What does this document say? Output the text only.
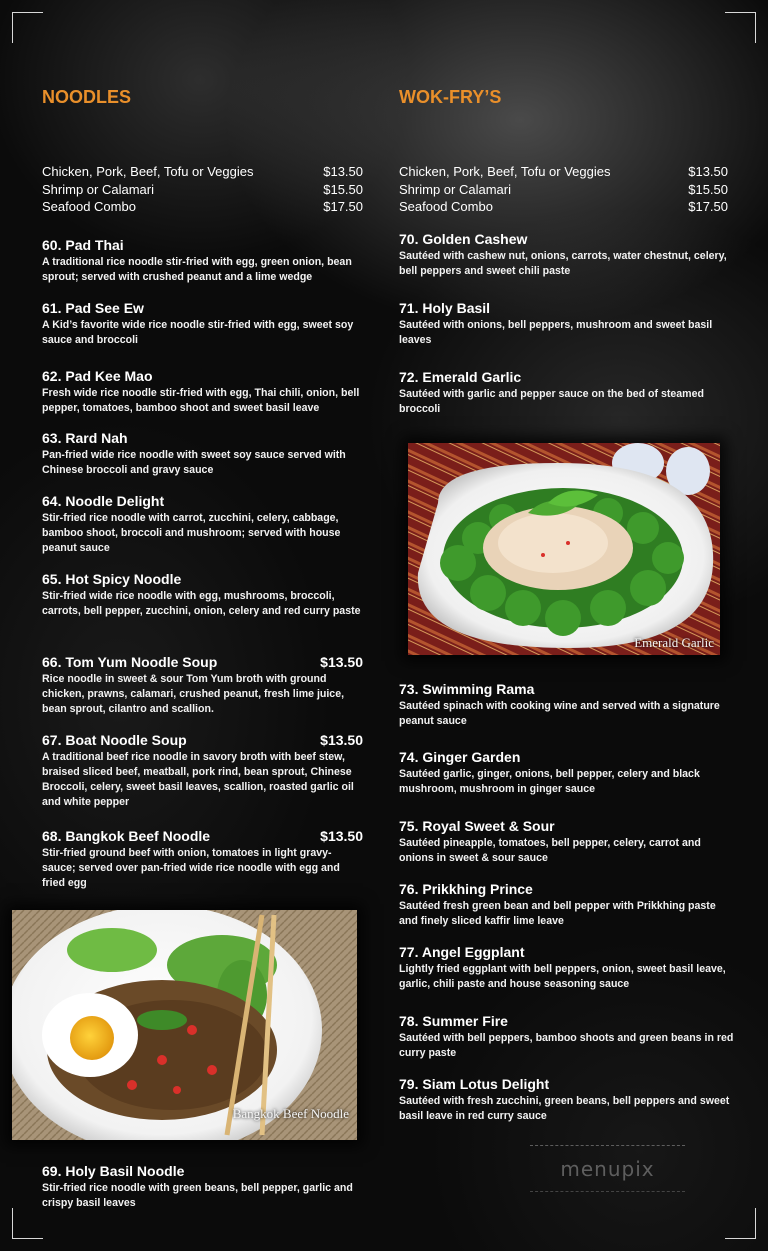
NOODLES
Chicken, Pork, Beef, Tofu or Veggies	$13.50
Shrimp or Calamari	$15.50
Seafood Combo	$17.50
60. Pad Thai
A traditional rice noodle stir-fried with egg, green onion, bean sprout; served with crushed peanut and a lime wedge
61. Pad See Ew
A Kid’s favorite wide rice noodle stir-fried with egg, sweet soy sauce and broccoli
62. Pad Kee Mao
Fresh wide rice noodle stir-fried with egg, Thai chili, onion, bell pepper, tomatoes, bamboo shoot and sweet basil leave
63. Rard Nah
Pan-fried wide rice noodle with sweet soy sauce served with Chinese broccoli and gravy sauce
64. Noodle Delight
Stir-fried rice noodle with carrot, zucchini, celery, cabbage, bamboo shoot, broccoli and mushroom; served with house peanut sauce
65. Hot Spicy Noodle
Stir-fried wide rice noodle with egg, mushrooms, broccoli, carrots, bell pepper, zucchini, onion, celery and red curry paste
66. Tom Yum Noodle Soup	$13.50
Rice noodle in sweet & sour Tom Yum broth with ground chicken, prawns, calamari, crushed peanut, fresh lime juice, bean sprout, cilantro and scallion.
67. Boat Noodle Soup	$13.50
A traditional beef rice noodle in savory broth with beef stew, braised sliced beef, meatball, pork rind, bean sprout, Chinese Broccoli, celery, sweet basil leaves, scallion, roasted garlic oil and white pepper
68. Bangkok Beef Noodle	$13.50
Stir-fried ground beef with onion, tomatoes in light gravy-sauce; served over pan-fried wide rice noodle with egg and fried egg
Bangkok Beef Noodle
69. Holy Basil Noodle
Stir-fried rice noodle with green beans, bell pepper, garlic and crispy basil leaves
WOK-FRY’S
Chicken, Pork, Beef, Tofu or Veggies	$13.50
Shrimp or Calamari	$15.50
Seafood Combo	$17.50
70. Golden Cashew
Sautéed with cashew nut, onions, carrots, water chestnut, celery, bell peppers and sweet chili paste
71. Holy Basil
Sautéed with onions, bell peppers, mushroom and sweet basil leaves
72. Emerald Garlic
Sautéed with garlic and pepper sauce on the bed of steamed broccoli
Emerald Garlic
73. Swimming Rama
Sautéed spinach with cooking wine and served with a signature peanut sauce
74. Ginger Garden
Sautéed garlic, ginger, onions, bell pepper, celery and black mushroom, mushroom in ginger sauce
75. Royal Sweet & Sour
Sautéed pineapple, tomatoes, bell pepper, celery, carrot and onions in sweet & sour sauce
76. Prikkhing Prince
Sautéed fresh green bean and bell pepper with Prikkhing paste and finely sliced kaffir lime leave
77. Angel Eggplant
Lightly fried eggplant with bell peppers, onion, sweet basil leave, garlic, chili paste and house seasoning sauce
78. Summer Fire
Sautéed with bell peppers, bamboo shoots and green beans in red curry paste
79. Siam Lotus Delight
Sautéed with fresh zucchini, green beans, bell peppers and sweet basil leave in red curry sauce
menupix
